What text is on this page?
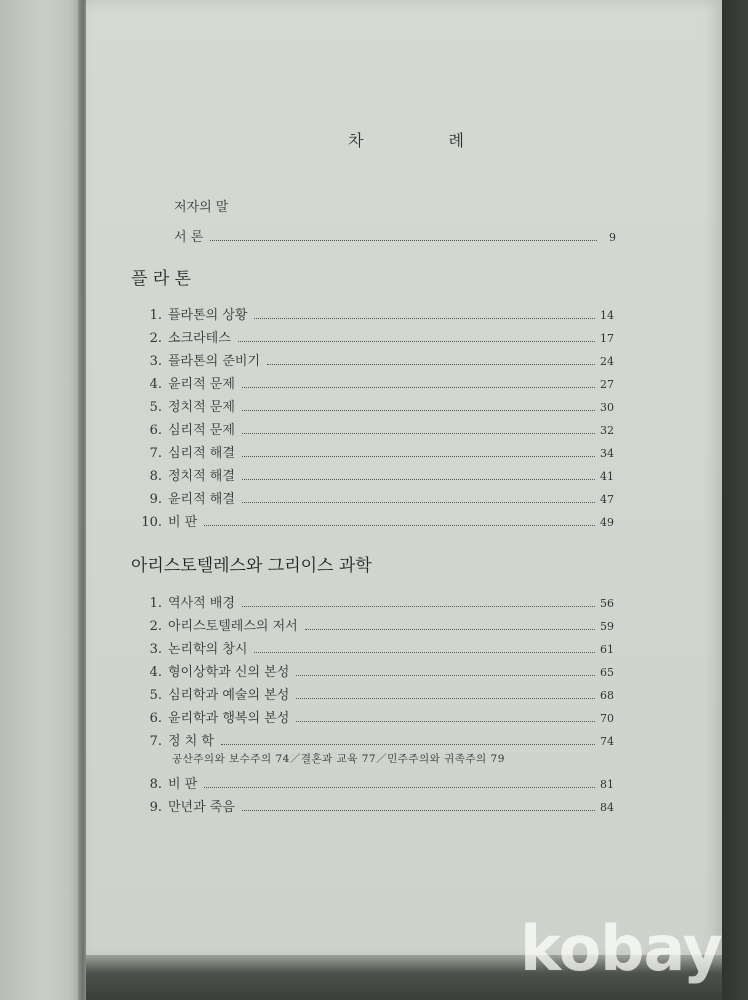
차 례
저자의 말
서 론	9
플 라 톤
1. 플라톤의 상황	14
2. 소크라테스	17
3. 플라톤의 준비기	24
4. 윤리적 문제	27
5. 정치적 문제	30
6. 심리적 문제	32
7. 심리적 해결	34
8. 정치적 해결	41
9. 윤리적 해결	47
10. 비 판	49
아리스토텔레스와 그리이스 과학
1. 역사적 배경	56
2. 아리스토텔레스의 저서	59
3. 논리학의 창시	61
4. 형이상학과 신의 본성	65
5. 심리학과 예술의 본성	68
6. 윤리학과 행복의 본성	70
7. 정 치 학	74
공산주의와 보수주의 74／결혼과 교육 77／민주주의와 귀족주의 79
8. 비 판	81
9. 만년과 죽음	84
kobay
